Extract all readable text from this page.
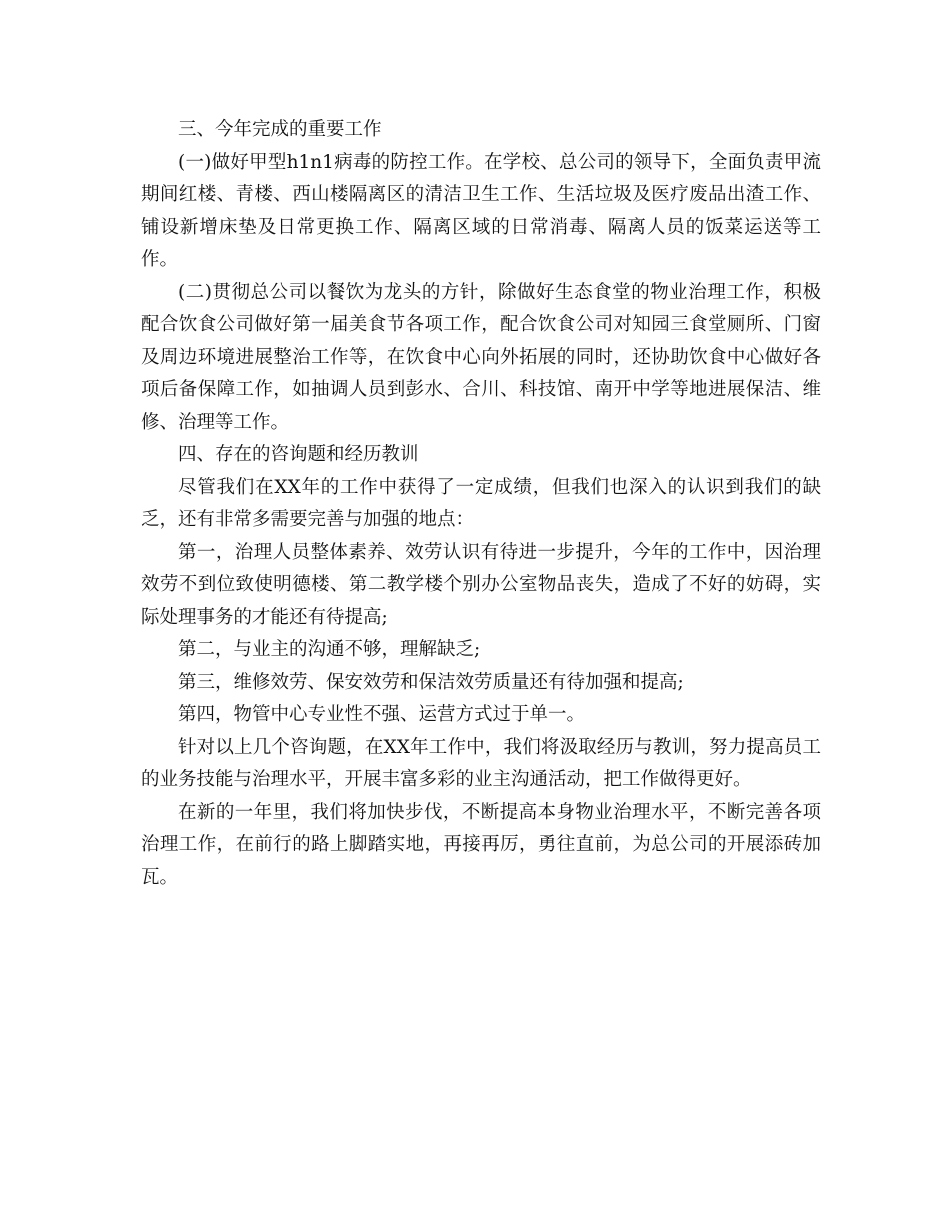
三、今年完成的重要工作

(一)做好甲型h1n1病毒的防控工作。在学校、总公司的领导下，全面负责甲流期间红楼、青楼、西山楼隔离区的清洁卫生工作、生活垃圾及医疗废品出渣工作、铺设新增床垫及日常更换工作、隔离区域的日常消毒、隔离人员的饭菜运送等工作。

(二)贯彻总公司以餐饮为龙头的方针，除做好生态食堂的物业治理工作，积极配合饮食公司做好第一届美食节各项工作，配合饮食公司对知园三食堂厕所、门窗及周边环境进展整治工作等，在饮食中心向外拓展的同时，还协助饮食中心做好各项后备保障工作，如抽调人员到彭水、合川、科技馆、南开中学等地进展保洁、维修、治理等工作。

四、存在的咨询题和经历教训

尽管我们在XX年的工作中获得了一定成绩，但我们也深入的认识到我们的缺乏，还有非常多需要完善与加强的地点：

第一，治理人员整体素养、效劳认识有待进一步提升，今年的工作中，因治理效劳不到位致使明德楼、第二教学楼个别办公室物品丧失，造成了不好的妨碍，实际处理事务的才能还有待提高;

第二，与业主的沟通不够，理解缺乏;

第三，维修效劳、保安效劳和保洁效劳质量还有待加强和提高;

第四，物管中心专业性不强、运营方式过于单一。

针对以上几个咨询题，在XX年工作中，我们将汲取经历与教训，努力提高员工的业务技能与治理水平，开展丰富多彩的业主沟通活动，把工作做得更好。

在新的一年里，我们将加快步伐，不断提高本身物业治理水平，不断完善各项治理工作，在前行的路上脚踏实地，再接再厉，勇往直前，为总公司的开展添砖加瓦。
